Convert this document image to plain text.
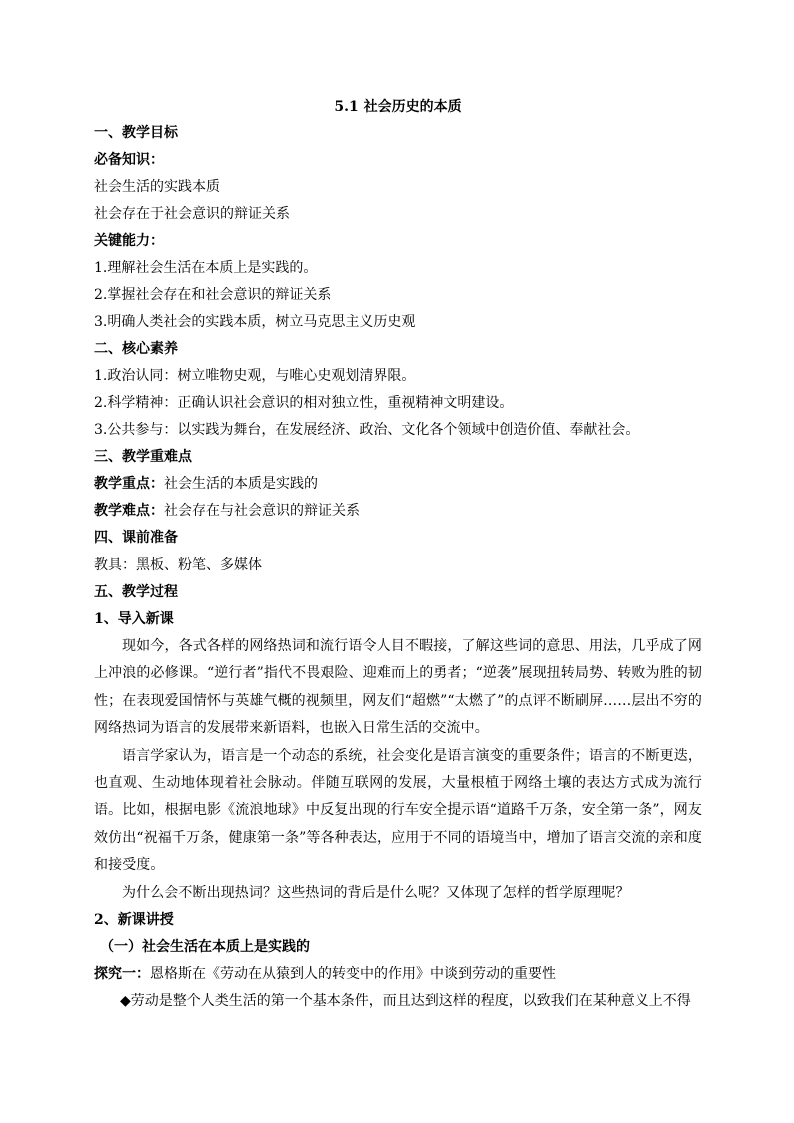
5.1 社会历史的本质

一、教学目标

必备知识：

社会生活的实践本质

社会存在于社会意识的辩证关系

关键能力：

1.理解社会生活在本质上是实践的。

2.掌握社会存在和社会意识的辩证关系

3.明确人类社会的实践本质，树立马克思主义历史观

二、核心素养

1.政治认同：树立唯物史观，与唯心史观划清界限。

2.科学精神：正确认识社会意识的相对独立性，重视精神文明建设。

3.公共参与：以实践为舞台，在发展经济、政治、文化各个领域中创造价值、奉献社会。

三、教学重难点

教学重点：社会生活的本质是实践的

教学难点：社会存在与社会意识的辩证关系

四、课前准备

教具：黑板、粉笔、多媒体

五、教学过程

1、导入新课

现如今，各式各样的网络热词和流行语令人目不暇接，了解这些词的意思、用法，几乎成了网上冲浪的必修课。“逆行者”指代不畏艰险、迎难而上的勇者；“逆袭”展现扭转局势、转败为胜的韧性；在表现爱国情怀与英雄气概的视频里，网友们“超燃”“太燃了”的点评不断刷屏……层出不穷的网络热词为语言的发展带来新语料，也嵌入日常生活的交流中。

语言学家认为，语言是一个动态的系统，社会变化是语言演变的重要条件；语言的不断更迭，也直观、生动地体现着社会脉动。伴随互联网的发展，大量根植于网络土壤的表达方式成为流行语。比如，根据电影《流浪地球》中反复出现的行车安全提示语“道路千万条，安全第一条”，网友效仿出“祝福千万条，健康第一条”等各种表达，应用于不同的语境当中，增加了语言交流的亲和度和接受度。

为什么会不断出现热词？这些热词的背后是什么呢？又体现了怎样的哲学原理呢？

2、新课讲授

（一）社会生活在本质上是实践的

探究一：恩格斯在《劳动在从猿到人的转变中的作用》中谈到劳动的重要性

◆劳动是整个人类生活的第一个基本条件，而且达到这样的程度，以致我们在某种意义上不得
